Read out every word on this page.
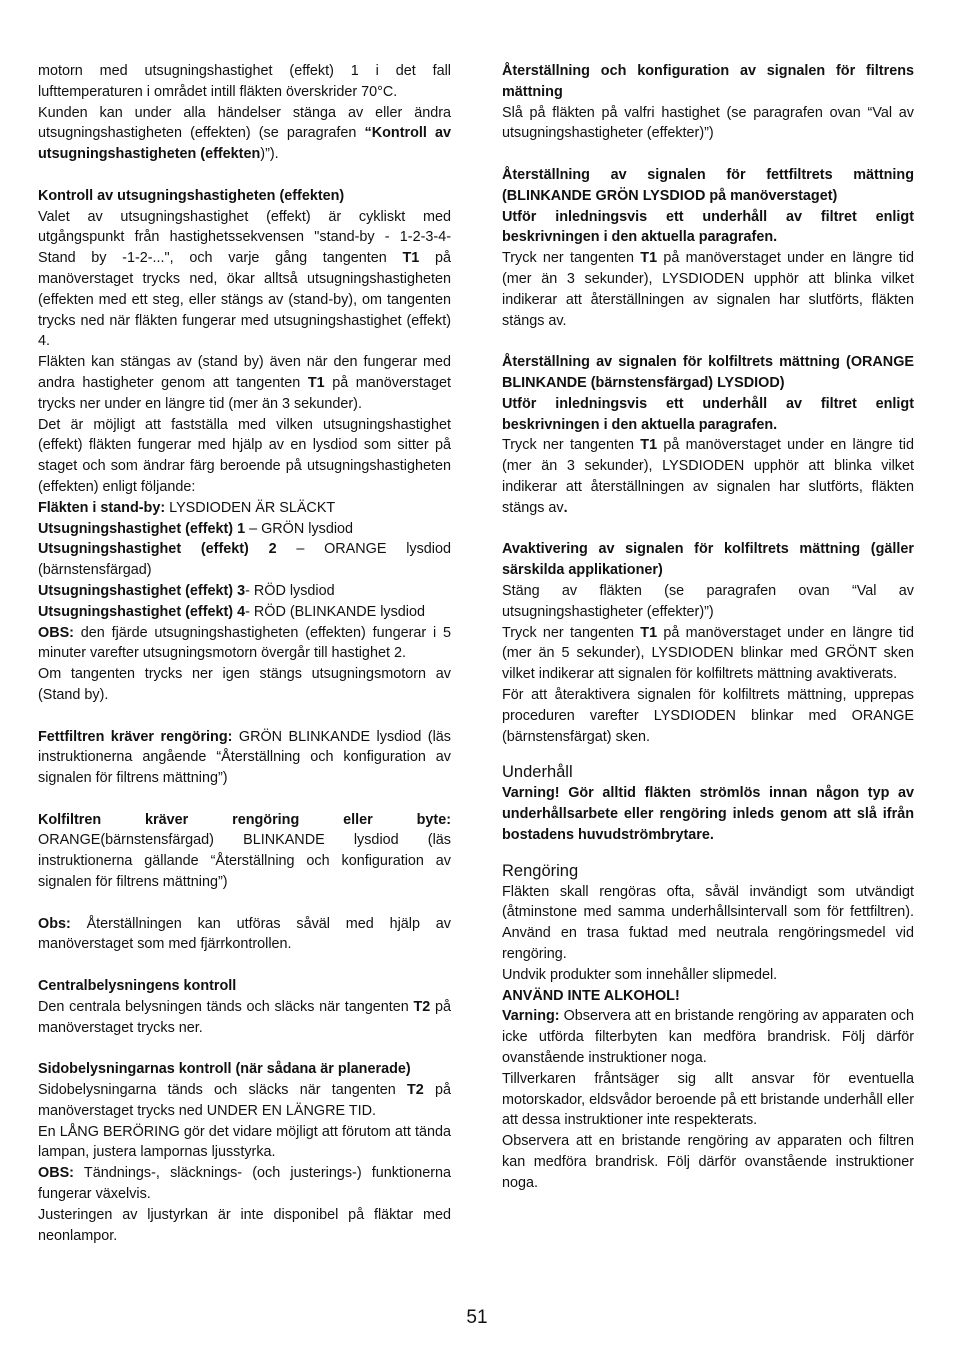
motorn med utsugningshastighet (effekt) 1 i det fall lufttemperaturen i området intill fläkten överskrider 70°C.

Kunden kan under alla händelser stänga av eller ändra utsugningshastigheten (effekten) (se paragrafen “Kontroll av utsugningshastigheten (effekten)”).

Kontroll av utsugningshastigheten (effekten)

Valet av utsugningshastighet (effekt) är cykliskt med utgångspunkt från hastighetssekvensen "stand-by - 1-2-3-4-Stand by -1-2-...", och varje gång tangenten T1 på manöverstaget trycks ned, ökar alltså utsugningshastigheten (effekten med ett steg, eller stängs av (stand-by), om tangenten trycks ned när fläkten fungerar med utsugningshastighet (effekt) 4.

Fläkten kan stängas av (stand by) även när den fungerar med andra hastigheter genom att tangenten T1 på manöverstaget trycks ner under en längre tid (mer än 3 sekunder).

Det är möjligt att fastställa med vilken utsugningshastighet (effekt) fläkten fungerar med hjälp av en lysdiod som sitter på staget och som ändrar färg beroende på utsugningshastigheten (effekten) enligt följande:

Fläkten i stand-by: LYSDIODEN ÄR SLÄCKT

Utsugningshastighet (effekt) 1 – GRÖN lysdiod

Utsugningshastighet (effekt) 2 – ORANGE lysdiod (bärnstensfärgad)

Utsugningshastighet (effekt) 3- RÖD lysdiod

Utsugningshastighet (effekt) 4- RÖD (BLINKANDE lysdiod

OBS: den fjärde utsugningshastigheten (effekten) fungerar i 5 minuter varefter utsugningsmotorn övergår till hastighet 2.

Om tangenten trycks ner igen stängs utsugningsmotorn av (Stand by).

Fettfiltren kräver rengöring: GRÖN BLINKANDE lysdiod (läs instruktionerna angående “Återställning och konfiguration av signalen för filtrens mättning”)

Kolfiltren kräver rengöring eller byte: ORANGE(bärnstensfärgad) BLINKANDE lysdiod (läs instruktionerna gällande “Återställning och konfiguration av signalen för filtrens mättning”)

Obs: Återställningen kan utföras såväl med hjälp av manöverstaget som med fjärrkontrollen.

Centralbelysningens kontroll

Den centrala belysningen tänds och släcks när tangenten T2 på manöverstaget trycks ner.

Sidobelysningarnas kontroll (när sådana är planerade)

Sidobelysningarna tänds och släcks när tangenten T2 på manöverstaget trycks ned UNDER EN LÄNGRE TID.

En LÅNG BERÖRING gör det vidare möjligt att förutom att tända lampan, justera lampornas ljusstyrka.

OBS: Tändnings-, släcknings- (och justerings-) funktionerna fungerar växelvis.

Justeringen av ljustyrkan är inte disponibel på fläktar med neonlampor.

Återställning och konfiguration av signalen för filtrens mättning

Slå på fläkten på valfri hastighet (se paragrafen ovan “Val av utsugningshastigheter (effekter)”)

Återställning av signalen för fettfiltrets mättning (BLINKANDE GRÖN LYSDIOD på manöverstaget)

Utför inledningsvis ett underhåll av filtret enligt beskrivningen i den aktuella paragrafen.

Tryck ner tangenten T1 på manöverstaget under en längre tid (mer än 3 sekunder), LYSDIODEN upphör att blinka vilket indikerar att återställningen av signalen har slutförts, fläkten stängs av.

Återställning av signalen för kolfiltrets mättning (ORANGE BLINKANDE (bärnstensfärgad) LYSDIOD)

Utför inledningsvis ett underhåll av filtret enligt beskrivningen i den aktuella paragrafen.

Tryck ner tangenten T1 på manöverstaget under en längre tid (mer än 3 sekunder), LYSDIODEN upphör att blinka vilket indikerar att återställningen av signalen har slutförts, fläkten stängs av.

Avaktivering av signalen för kolfiltrets mättning (gäller särskilda applikationer)

Stäng av fläkten (se paragrafen ovan “Val av utsugningshastigheter (effekter)”)

Tryck ner tangenten T1 på manöverstaget under en längre tid (mer än 5 sekunder), LYSDIODEN blinkar med GRÖNT sken vilket indikerar att signalen för kolfiltrets mättning avaktiverats.

För att återaktivera signalen för kolfiltrets mättning, upprepas proceduren varefter LYSDIODEN blinkar med ORANGE (bärnstensfärgat) sken.

Underhåll

Varning! Gör alltid fläkten strömlös innan någon typ av underhållsarbete eller rengöring inleds genom att slå ifrån bostadens huvudströmbrytare.

Rengöring

Fläkten skall rengöras ofta, såväl invändigt som utvändigt (åtminstone med samma underhållsintervall som för fettfiltren). Använd en trasa fuktad med neutrala rengöringsmedel vid rengöring.

Undvik produkter som innehåller slipmedel.

ANVÄND INTE ALKOHOL!

Varning: Observera att en bristande rengöring av apparaten och icke utförda filterbyten kan medföra brandrisk. Följ därför ovanstående instruktioner noga.

Tillverkaren fråntsäger sig allt ansvar för eventuella motorskador, eldsvådor beroende på ett bristande underhåll eller att dessa instruktioner inte respekterats.

Observera att en bristande rengöring av apparaten och filtren kan medföra brandrisk. Följ därför ovanstående instruktioner noga.

51
